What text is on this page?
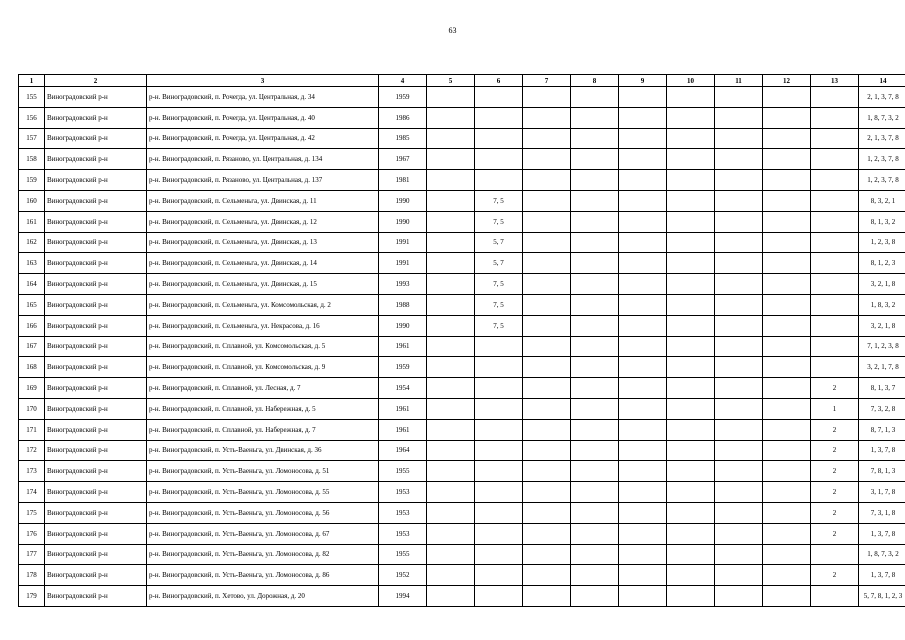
63
1	2	3	4	5	6	7	8	9	10	11	12	13	14
155	Виноградовский р-н	р-н. Виноградовский, п. Рочегда, ул. Центральная, д. 34	1959										2, 1, 3, 7, 8
156	Виноградовский р-н	р-н. Виноградовский, п. Рочегда, ул. Центральная, д. 40	1986										1, 8, 7, 3, 2
157	Виноградовский р-н	р-н. Виноградовский, п. Рочегда, ул. Центральная, д. 42	1985										2, 1, 3, 7, 8
158	Виноградовский р-н	р-н. Виноградовский, п. Рязаново, ул. Центральная, д. 134	1967										1, 2, 3, 7, 8
159	Виноградовский р-н	р-н. Виноградовский, п. Рязаново, ул. Центральная, д. 137	1981										1, 2, 3, 7, 8
160	Виноградовский р-н	р-н. Виноградовский, п. Сельменьга, ул. Двинская, д. 11	1990		7, 5								8, 3, 2, 1
161	Виноградовский р-н	р-н. Виноградовский, п. Сельменьга, ул. Двинская, д. 12	1990		7, 5								8, 1, 3, 2
162	Виноградовский р-н	р-н. Виноградовский, п. Сельменьга, ул. Двинская, д. 13	1991		5, 7								1, 2, 3, 8
163	Виноградовский р-н	р-н. Виноградовский, п. Сельменьга, ул. Двинская, д. 14	1991		5, 7								8, 1, 2, 3
164	Виноградовский р-н	р-н. Виноградовский, п. Сельменьга, ул. Двинская, д. 15	1993		7, 5								3, 2, 1, 8
165	Виноградовский р-н	р-н. Виноградовский, п. Сельменьга, ул. Комсомольская, д. 2	1988		7, 5								1, 8, 3, 2
166	Виноградовский р-н	р-н. Виноградовский, п. Сельменьга, ул. Некрасова, д. 16	1990		7, 5								3, 2, 1, 8
167	Виноградовский р-н	р-н. Виноградовский, п. Сплавной, ул. Комсомольская, д. 5	1961										7, 1, 2, 3, 8
168	Виноградовский р-н	р-н. Виноградовский, п. Сплавной, ул. Комсомольская, д. 9	1959										3, 2, 1, 7, 8
169	Виноградовский р-н	р-н. Виноградовский, п. Сплавной, ул. Лесная, д. 7	1954									2	8, 1, 3, 7
170	Виноградовский р-н	р-н. Виноградовский, п. Сплавной, ул. Набережная, д. 5	1961									1	7, 3, 2, 8
171	Виноградовский р-н	р-н. Виноградовский, п. Сплавной, ул. Набережная, д. 7	1961									2	8, 7, 1, 3
172	Виноградовский р-н	р-н. Виноградовский, п. Усть-Ваеньга, ул. Двинская, д. 36	1964									2	1, 3, 7, 8
173	Виноградовский р-н	р-н. Виноградовский, п. Усть-Ваеньга, ул. Ломоносова, д. 51	1955									2	7, 8, 1, 3
174	Виноградовский р-н	р-н. Виноградовский, п. Усть-Ваеньга, ул. Ломоносова, д. 55	1953									2	3, 1, 7, 8
175	Виноградовский р-н	р-н. Виноградовский, п. Усть-Ваеньга, ул. Ломоносова, д. 56	1953									2	7, 3, 1, 8
176	Виноградовский р-н	р-н. Виноградовский, п. Усть-Ваеньга, ул. Ломоносова, д. 67	1953									2	1, 3, 7, 8
177	Виноградовский р-н	р-н. Виноградовский, п. Усть-Ваеньга, ул. Ломоносова, д. 82	1955										1, 8, 7, 3, 2
178	Виноградовский р-н	р-н. Виноградовский, п. Усть-Ваеньга, ул. Ломоносова, д. 86	1952									2	1, 3, 7, 8
179	Виноградовский р-н	р-н. Виноградовский, п. Хетово, ул. Дорожная, д. 20	1994										5, 7, 8, 1, 2, 3
